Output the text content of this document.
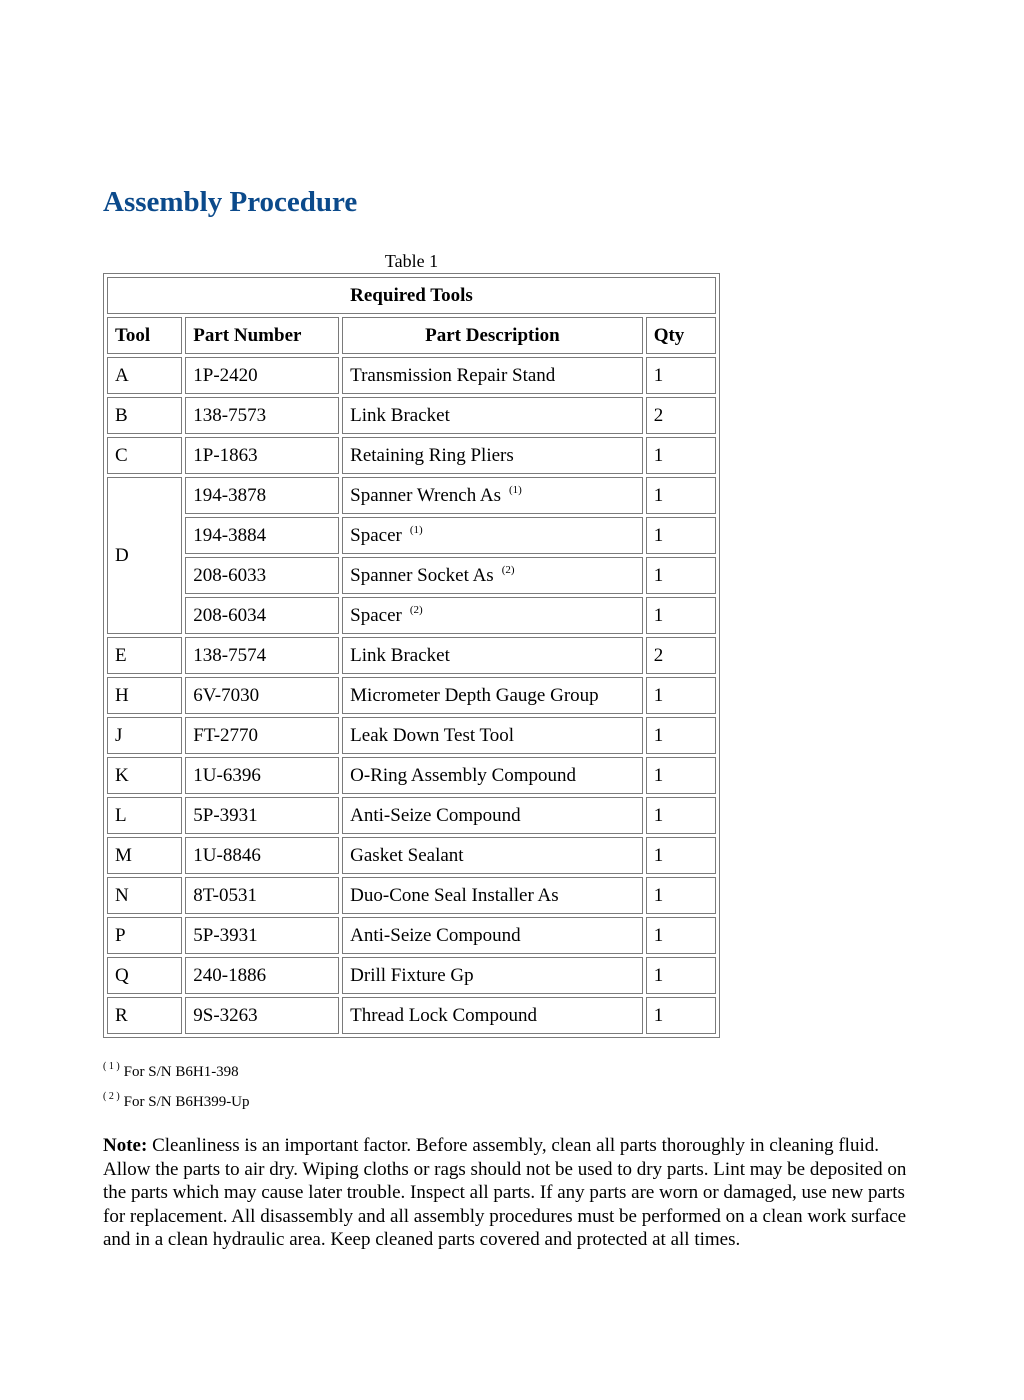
Assembly Procedure
Table 1
Required Tools			
Tool	Part Number	Part Description	Qty
A	1P-2420	Transmission Repair Stand	1
B	138-7573	Link Bracket	2
C	1P-1863	Retaining Ring Pliers	1
D	194-3878	Spanner Wrench As $^{(1)}$	1
	194-3884	Spacer $^{(1)}$	1
	208-6033	Spanner Socket As $^{(2)}$	1
	208-6034	Spacer $^{(2)}$	1
E	138-7574	Link Bracket	2
H	6V-7030	Micrometer Depth Gauge Group	1
J	FT-2770	Leak Down Test Tool	1
K	1U-6396	O-Ring Assembly Compound	1
L	5P-3931	Anti-Seize Compound	1
M	1U-8846	Gasket Sealant	1
N	8T-0531	Duo-Cone Seal Installer As	1
P	5P-3931	Anti-Seize Compound	1
Q	240-1886	Drill Fixture Gp	1
R	9S-3263	Thread Lock Compound	1
$^{( 1 )}$ For S/N B6H1-398
$^{( 2 )}$ For S/N B6H399-Up

Note: Cleanliness is an important factor. Before assembly, clean all parts thoroughly in cleaning fluid. Allow the parts to air dry. Wiping cloths or rags should not be used to dry parts. Lint may be deposited on the parts which may cause later trouble. Inspect all parts. If any parts are worn or damaged, use new parts for replacement. All disassembly and all assembly procedures must be performed on a clean work surface and in a clean hydraulic area. Keep cleaned parts covered and protected at all times.
